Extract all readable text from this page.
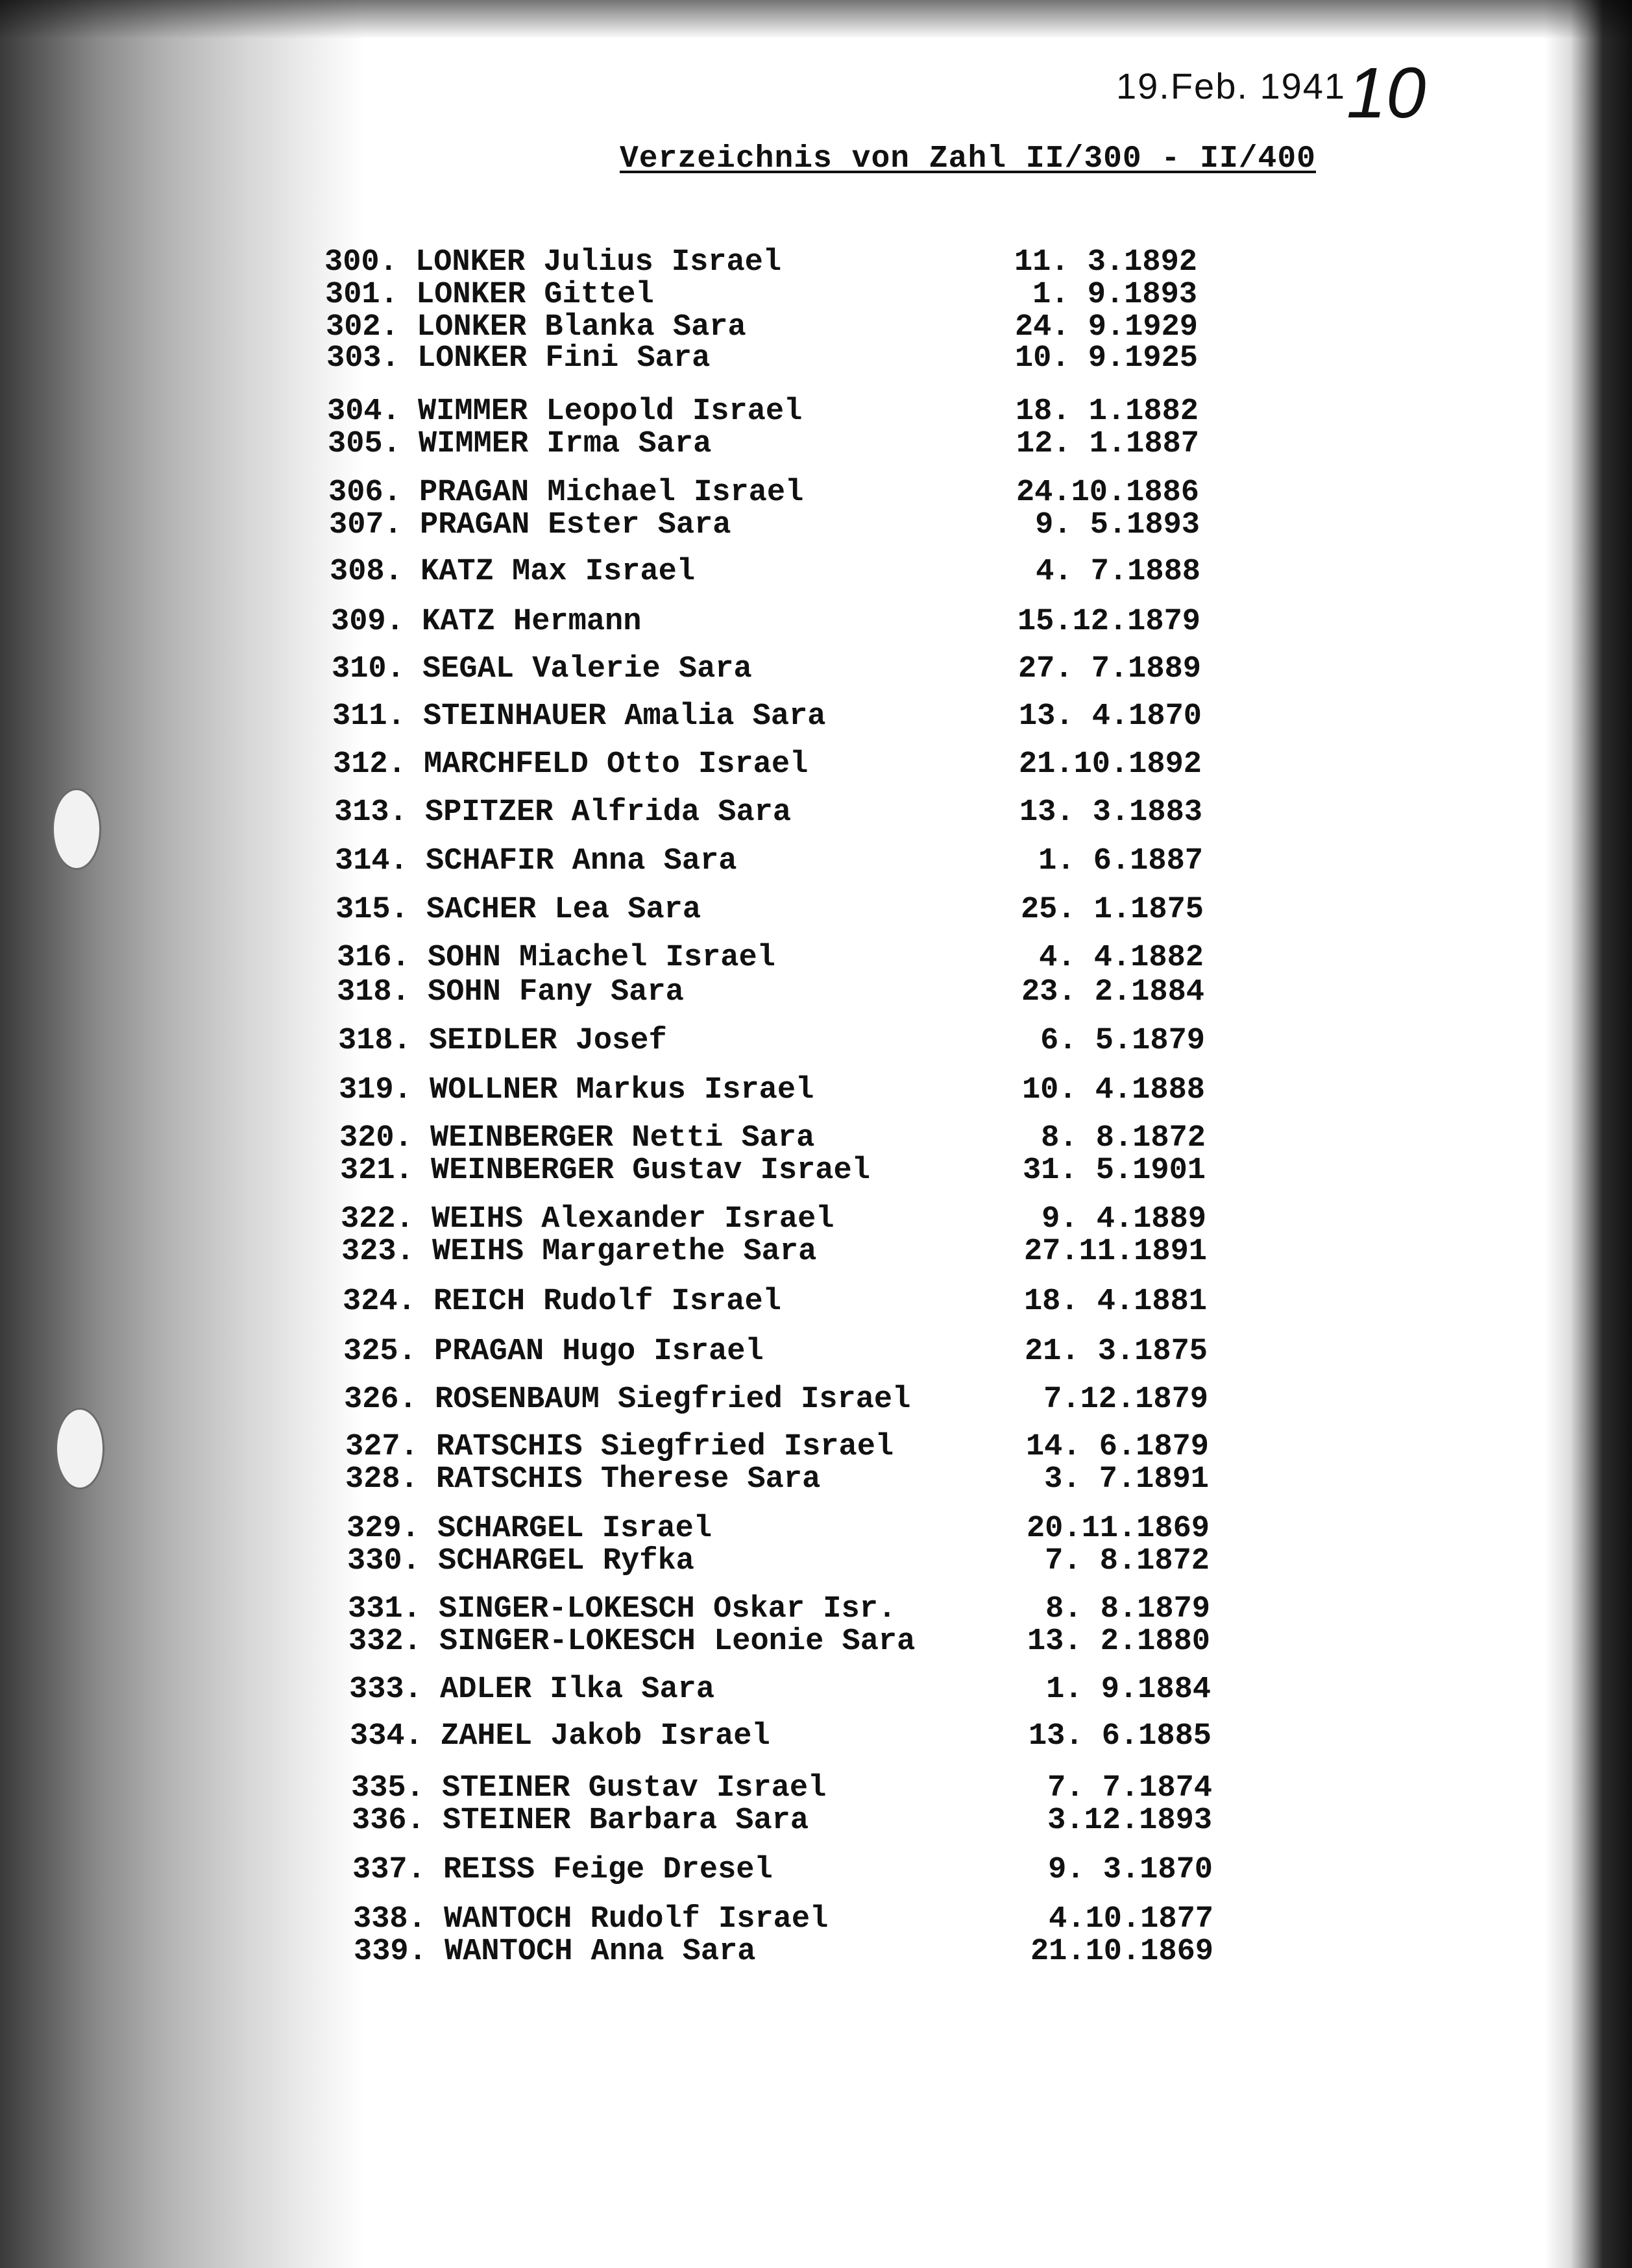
19.Feb. 1941 10
Verzeichnis von Zahl II/300 - II/400
300. LONKER Julius Israel	11. 3.1892
301. LONKER Gittel	1. 9.1893
302. LONKER Blanka Sara	24. 9.1929
303. LONKER Fini Sara	10. 9.1925
304. WIMMER Leopold Israel	18. 1.1882
305. WIMMER Irma Sara	12. 1.1887
306. PRAGAN Michael Israel	24.10.1886
307. PRAGAN Ester Sara	9. 5.1893
308. KATZ Max Israel	4. 7.1888
309. KATZ Hermann	15.12.1879
310. SEGAL Valerie Sara	27. 7.1889
311. STEINHAUER Amalia Sara	13. 4.1870
312. MARCHFELD Otto Israel	21.10.1892
313. SPITZER Alfrida Sara	13. 3.1883
314. SCHAFIR Anna Sara	1. 6.1887
315. SACHER Lea Sara	25. 1.1875
316. SOHN Miachel Israel	4. 4.1882
318. SOHN Fany Sara	23. 2.1884
318. SEIDLER Josef	6. 5.1879
319. WOLLNER Markus Israel	10. 4.1888
320. WEINBERGER Netti Sara	8. 8.1872
321. WEINBERGER Gustav Israel	31. 5.1901
322. WEIHS Alexander Israel	9. 4.1889
323. WEIHS Margarethe Sara	27.11.1891
324. REICH Rudolf Israel	18. 4.1881
325. PRAGAN Hugo Israel	21. 3.1875
326. ROSENBAUM Siegfried Israel	7.12.1879
327. RATSCHIS Siegfried Israel	14. 6.1879
328. RATSCHIS Therese Sara	3. 7.1891
329. SCHARGEL Israel	20.11.1869
330. SCHARGEL Ryfka	7. 8.1872
331. SINGER-LOKESCH Oskar Isr.	8. 8.1879
332. SINGER-LOKESCH Leonie Sara	13. 2.1880
333. ADLER Ilka Sara	1. 9.1884
334. ZAHEL Jakob Israel	13. 6.1885
335. STEINER Gustav Israel	7. 7.1874
336. STEINER Barbara Sara	3.12.1893
337. REISS Feige Dresel	9. 3.1870
338. WANTOCH Rudolf Israel	4.10.1877
339. WANTOCH Anna Sara	21.10.1869
